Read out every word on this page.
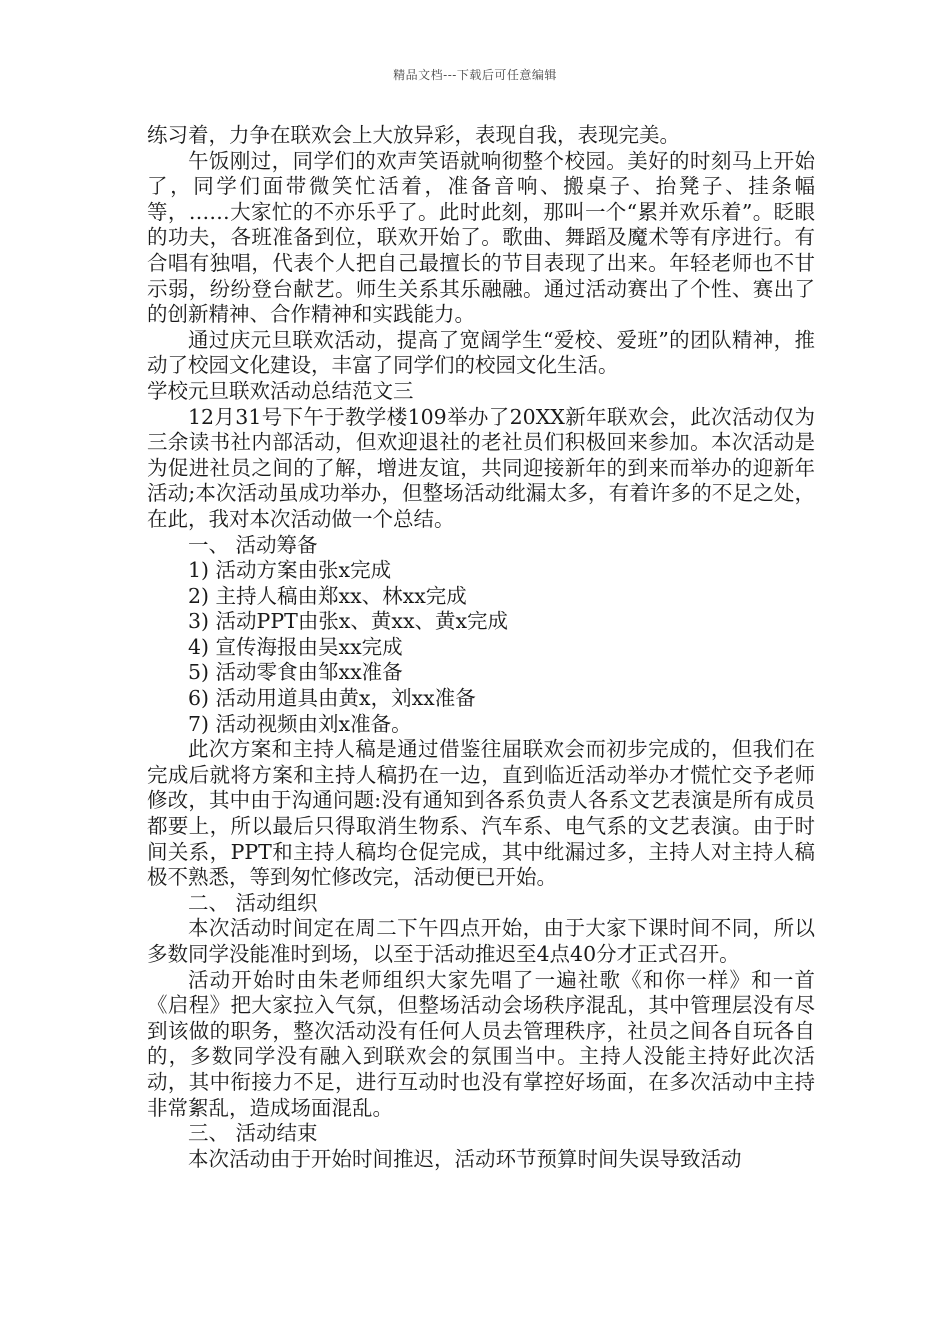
精品文档---下载后可任意编辑

练习着，力争在联欢会上大放异彩，表现自我，表现完美。

午饭刚过，同学们的欢声笑语就响彻整个校园。美好的时刻马上开始了，同学们面带微笑忙活着，准备音响、搬桌子、抬凳子、挂条幅等，……大家忙的不亦乐乎了。此时此刻，那叫一个“累并欢乐着”。眨眼的功夫，各班准备到位，联欢开始了。歌曲、舞蹈及魔术等有序进行。有合唱有独唱，代表个人把自己最擅长的节目表现了出来。年轻老师也不甘示弱，纷纷登台献艺。师生关系其乐融融。通过活动赛出了个性、赛出了的创新精神、合作精神和实践能力。

通过庆元旦联欢活动，提高了宽阔学生“爱校、爱班”的团队精神，推动了校园文化建设，丰富了同学们的校园文化生活。

学校元旦联欢活动总结范文三

12月31号下午于教学楼109举办了20XX新年联欢会，此次活动仅为三余读书社内部活动，但欢迎退社的老社员们积极回来参加。本次活动是为促进社员之间的了解，增进友谊，共同迎接新年的到来而举办的迎新年活动;本次活动虽成功举办，但整场活动纰漏太多，有着许多的不足之处，在此，我对本次活动做一个总结。

一、 活动筹备

1) 活动方案由张x完成

2) 主持人稿由郑xx、林xx完成

3) 活动PPT由张x、黄xx、黄x完成

4) 宣传海报由吴xx完成

5) 活动零食由邹xx准备

6) 活动用道具由黄x，刘xx准备

7) 活动视频由刘x准备。

此次方案和主持人稿是通过借鉴往届联欢会而初步完成的，但我们在完成后就将方案和主持人稿扔在一边，直到临近活动举办才慌忙交予老师修改，其中由于沟通问题:没有通知到各系负责人各系文艺表演是所有成员都要上，所以最后只得取消生物系、汽车系、电气系的文艺表演。由于时间关系，PPT和主持人稿均仓促完成，其中纰漏过多，主持人对主持人稿极不熟悉，等到匆忙修改完，活动便已开始。

二、 活动组织

本次活动时间定在周二下午四点开始，由于大家下课时间不同，所以多数同学没能准时到场，以至于活动推迟至4点40分才正式召开。

活动开始时由朱老师组织大家先唱了一遍社歌《和你一样》和一首《启程》把大家拉入气氛，但整场活动会场秩序混乱，其中管理层没有尽到该做的职务，整次活动没有任何人员去管理秩序，社员之间各自玩各自的，多数同学没有融入到联欢会的氛围当中。主持人没能主持好此次活动，其中衔接力不足，进行互动时也没有掌控好场面，在多次活动中主持非常絮乱，造成场面混乱。

三、 活动结束

本次活动由于开始时间推迟，活动环节预算时间失误导致活动
